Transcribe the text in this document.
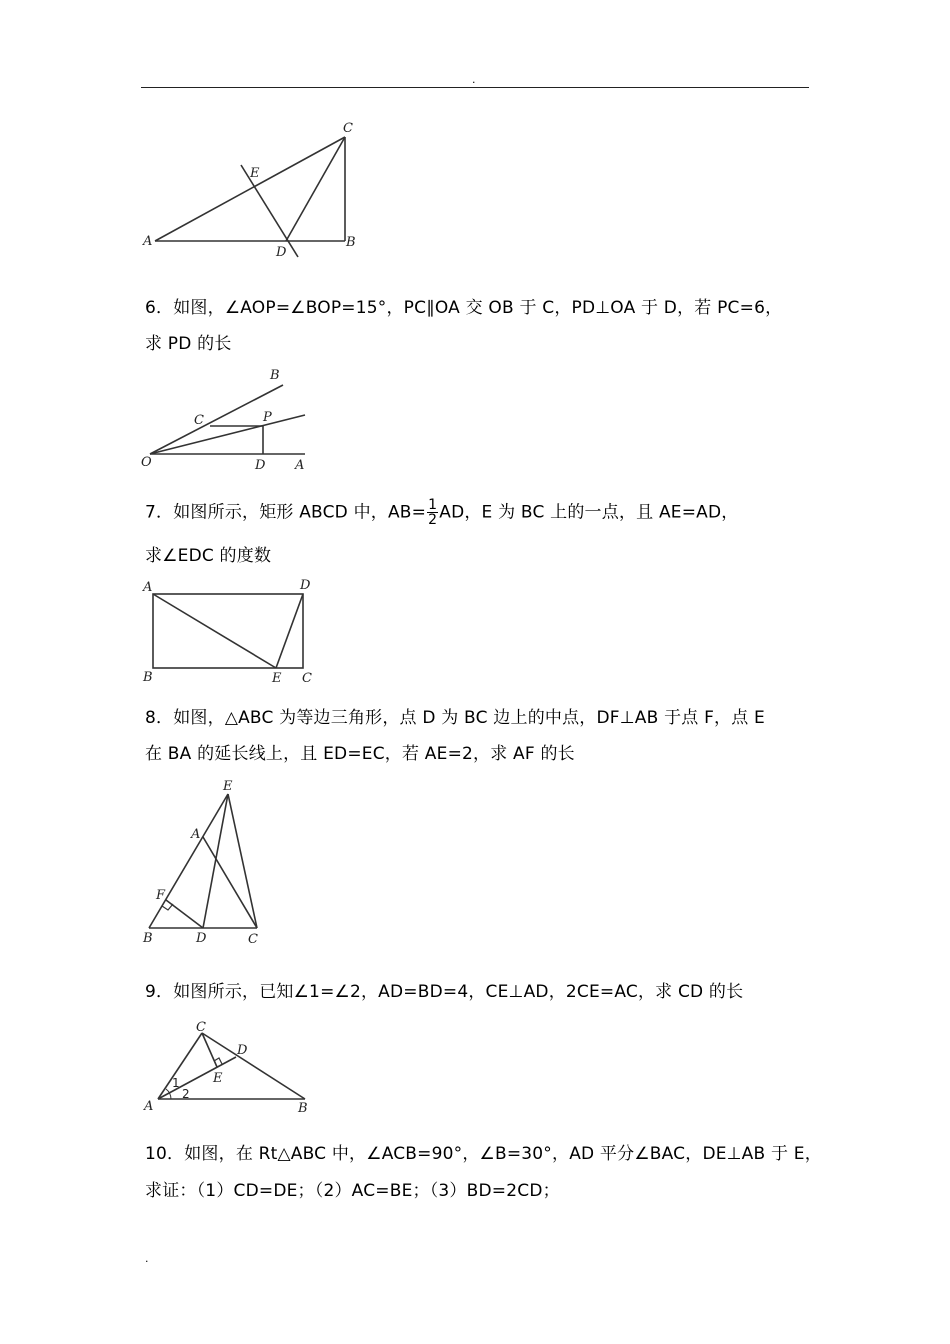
.
A	B
C
D
E
6．如图，∠AOP=∠BOP=15°，PC∥OA 交 OB 于 C，PD⊥OA 于 D，若 PC=6，
求 PD 的长
O	A
B
C	P
D
7．如图所示，矩形 ABCD 中，$AB= \frac{1}{2}$ AD，E 为 BC 上的一点，且 AE=AD，
求∠EDC 的度数
A	D
B	E C
8．如图，△ABC 为等边三角形，点 D 为 BC 边上的中点，DF⊥AB 于点 F，点 E
在 BA 的延长线上，且 ED=EC，若 AE=2，求 AF 的长
E
A
F
B	D	C
9．如图所示，已知∠1=∠2，AD=BD=4，CE⊥AD，2CE=AC，求 CD 的长
C
D
E
A	B
1
2
10．如图，在 Rt△ABC 中，∠ACB=90°，∠B=30°，AD 平分∠BAC，DE⊥AB 于 E，
求证：（1）CD=DE；（2）AC=BE；（3）BD=2CD；
.
